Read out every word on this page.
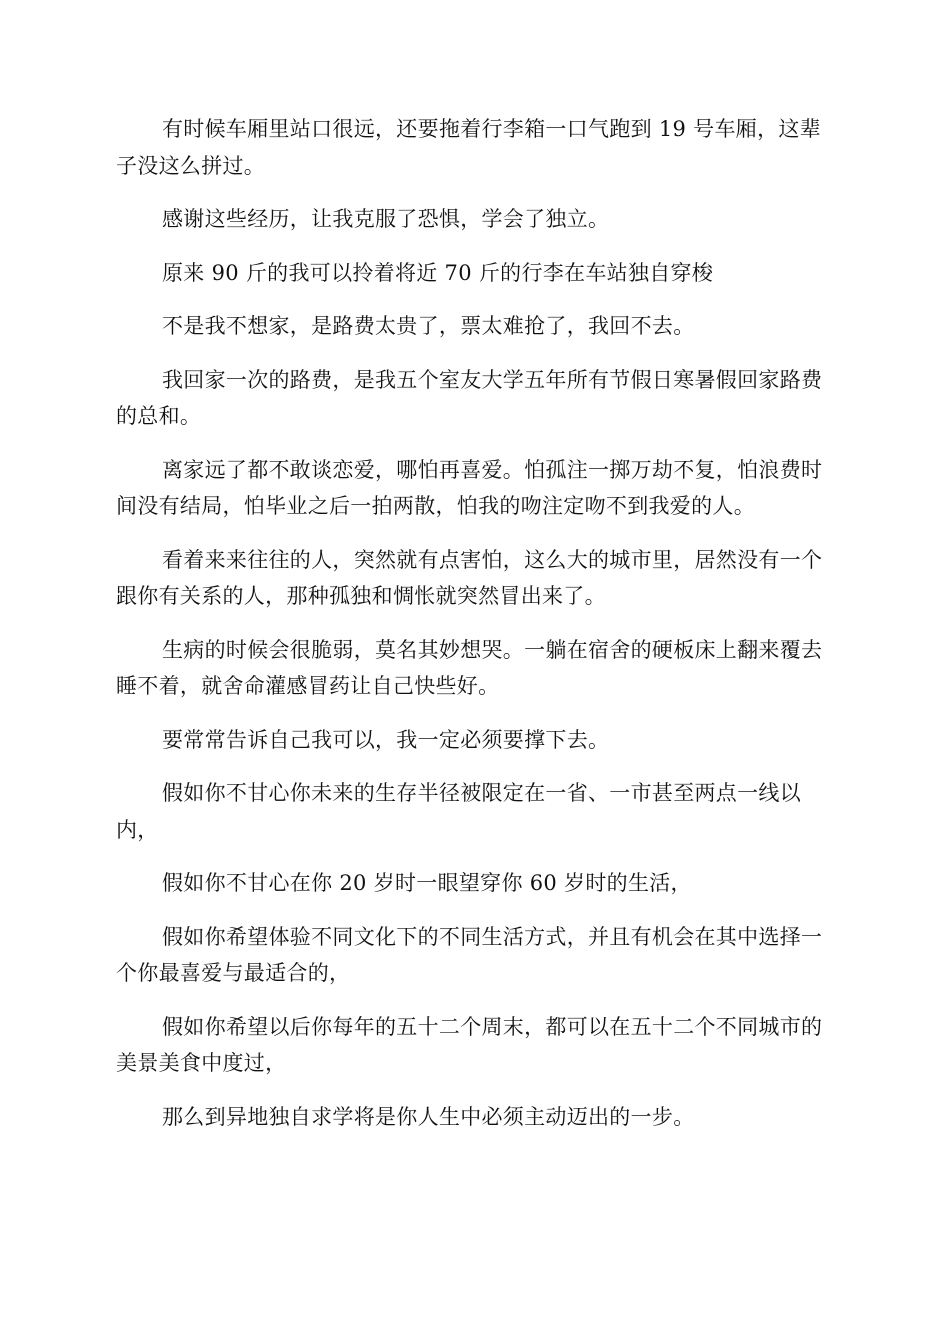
有时候车厢里站口很远，还要拖着行李箱一口气跑到 19 号车厢，这辈子没这么拼过。

感谢这些经历，让我克服了恐惧，学会了独立。

原来 90 斤的我可以拎着将近 70 斤的行李在车站独自穿梭

不是我不想家，是路费太贵了，票太难抢了，我回不去。

我回家一次的路费，是我五个室友大学五年所有节假日寒暑假回家路费的总和。

离家远了都不敢谈恋爱，哪怕再喜爱。怕孤注一掷万劫不复，怕浪费时间没有结局，怕毕业之后一拍两散，怕我的吻注定吻不到我爱的人。

看着来来往往的人，突然就有点害怕，这么大的城市里，居然没有一个跟你有关系的人，那种孤独和惆怅就突然冒出来了。

生病的时候会很脆弱，莫名其妙想哭。一躺在宿舍的硬板床上翻来覆去睡不着，就舍命灌感冒药让自己快些好。

要常常告诉自己我可以，我一定必须要撑下去。

假如你不甘心你未来的生存半径被限定在一省、一市甚至两点一线以内，

假如你不甘心在你 20 岁时一眼望穿你 60 岁时的生活，

假如你希望体验不同文化下的不同生活方式，并且有机会在其中选择一个你最喜爱与最适合的，

假如你希望以后你每年的五十二个周末，都可以在五十二个不同城市的美景美食中度过，

那么到异地独自求学将是你人生中必须主动迈出的一步。
